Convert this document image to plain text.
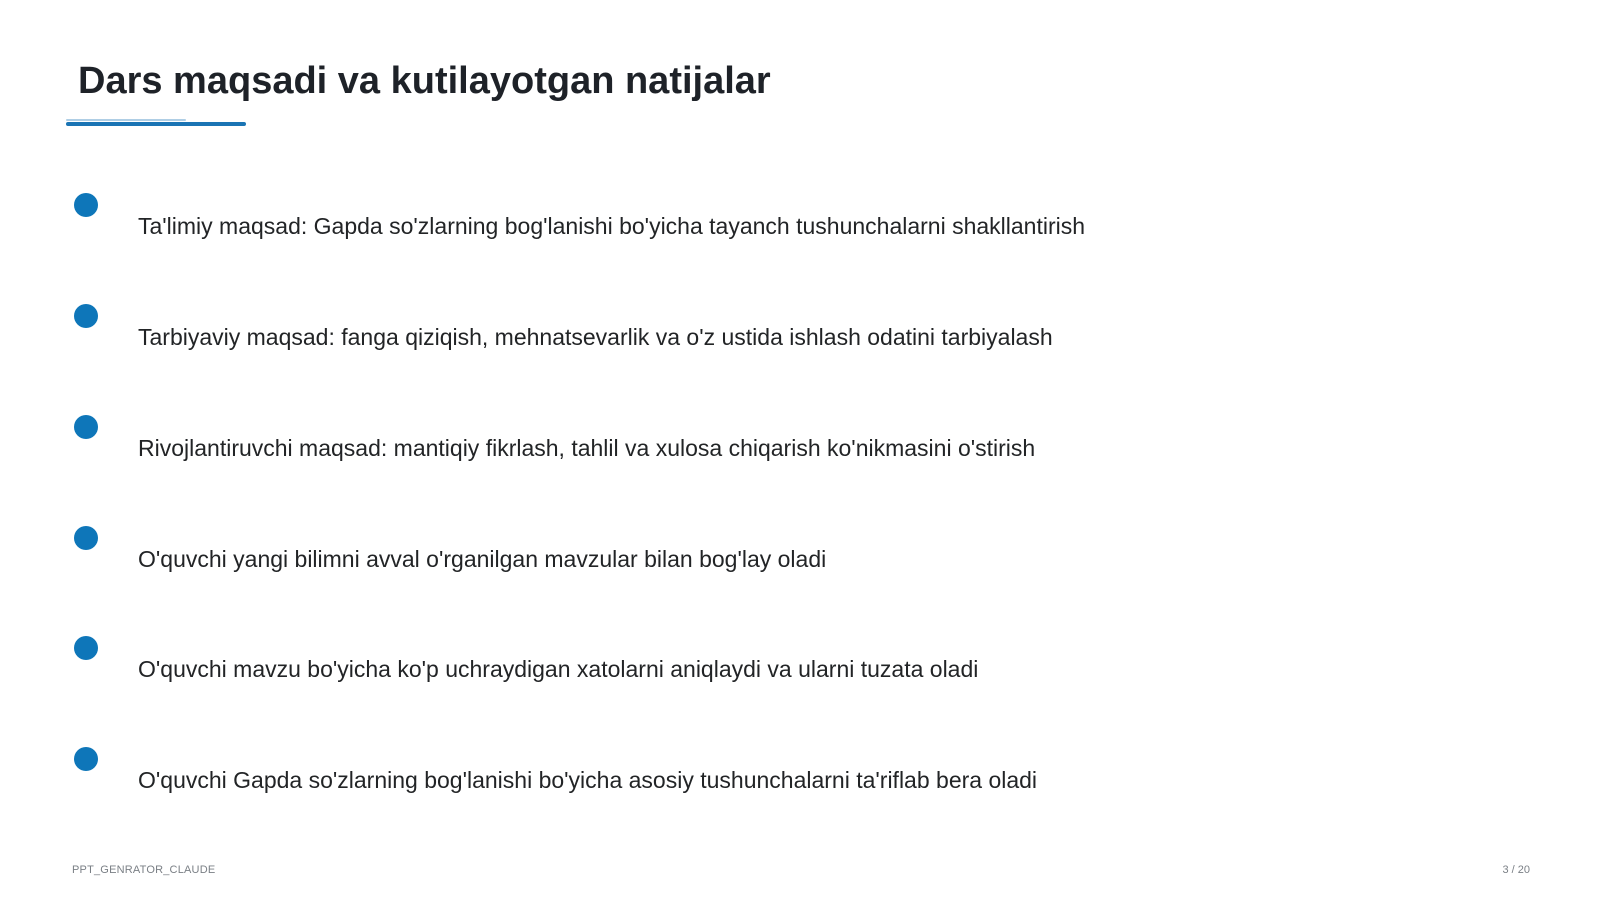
Dars maqsadi va kutilayotgan natijalar
Ta'limiy maqsad: Gapda so'zlarning bog'lanishi bo'yicha tayanch tushunchalarni shakllantirish
Tarbiyaviy maqsad: fanga qiziqish, mehnatsevarlik va o'z ustida ishlash odatini tarbiyalash
Rivojlantiruvchi maqsad: mantiqiy fikrlash, tahlil va xulosa chiqarish ko'nikmasini o'stirish
O'quvchi yangi bilimni avval o'rganilgan mavzular bilan bog'lay oladi
O'quvchi mavzu bo'yicha ko'p uchraydigan xatolarni aniqlaydi va ularni tuzata oladi
O'quvchi Gapda so'zlarning bog'lanishi bo'yicha asosiy tushunchalarni ta'riflab bera oladi
PPT_GENRATOR_CLAUDE	3 / 20
